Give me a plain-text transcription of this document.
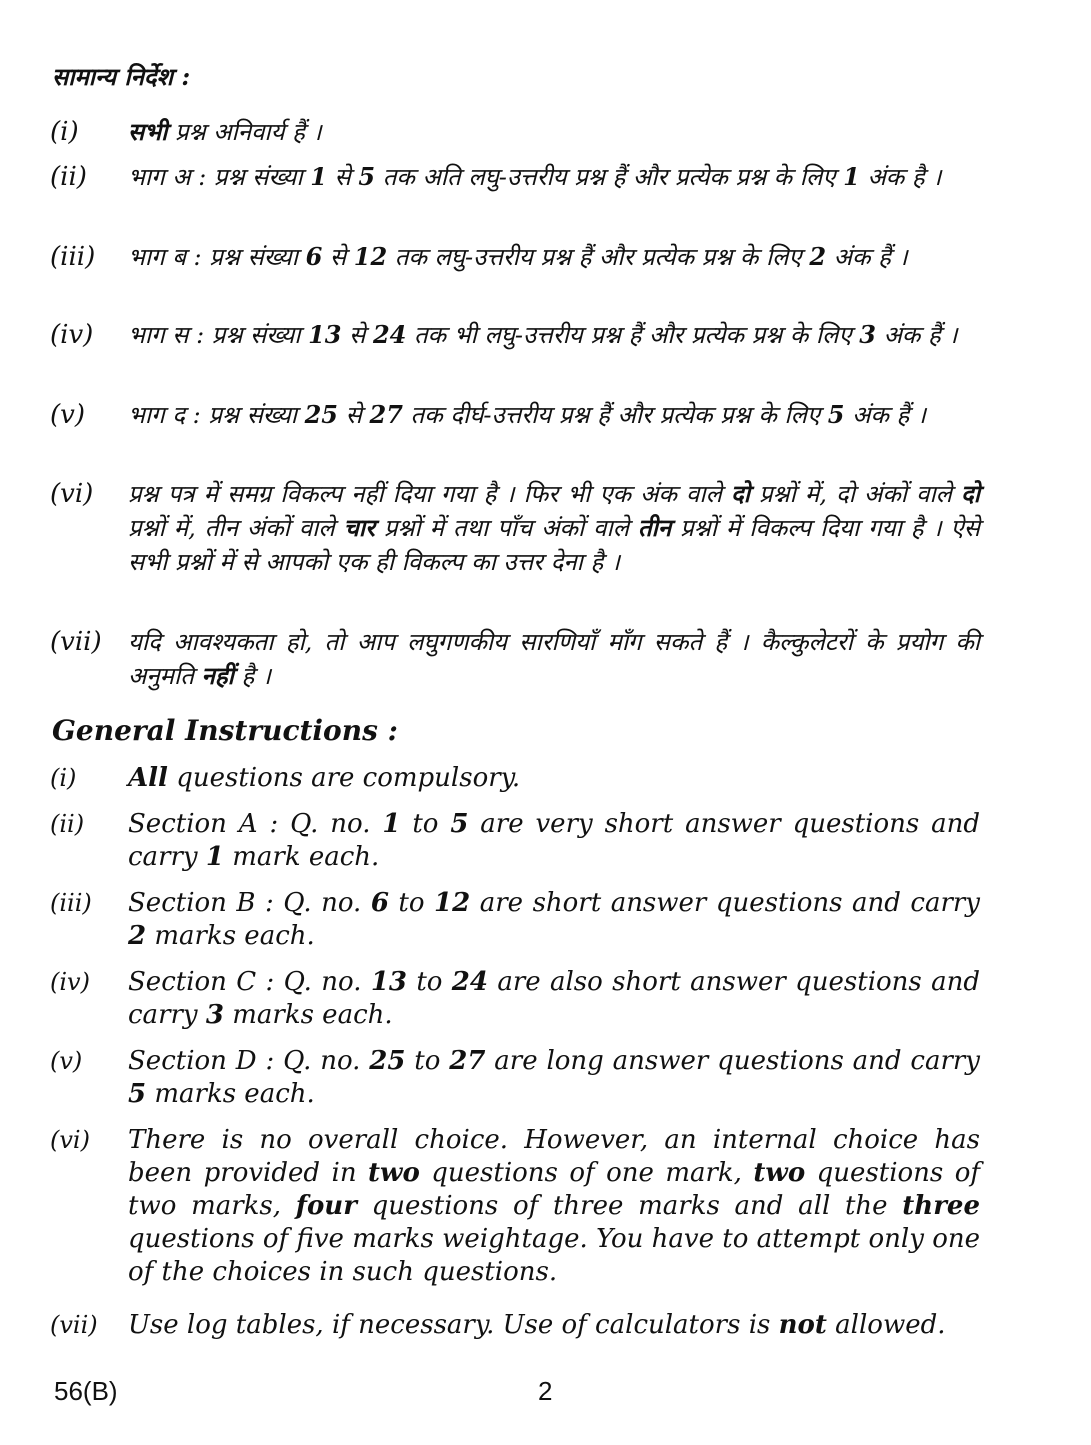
सामान्य निर्देश :
(i)	सभी प्रश्न अनिवार्य हैं ।
(ii)	भाग अ : प्रश्न संख्या 1 से 5 तक अति लघु-उत्तरीय प्रश्न हैं और प्रत्येक प्रश्न के लिए 1 अंक है ।
(iii)	भाग ब : प्रश्न संख्या 6 से 12 तक लघु-उत्तरीय प्रश्न हैं और प्रत्येक प्रश्न के लिए 2 अंक हैं ।
(iv)	भाग स : प्रश्न संख्या 13 से 24 तक भी लघु-उत्तरीय प्रश्न हैं और प्रत्येक प्रश्न के लिए 3 अंक हैं ।
(v)	भाग द : प्रश्न संख्या 25 से 27 तक दीर्घ-उत्तरीय प्रश्न हैं और प्रत्येक प्रश्न के लिए 5 अंक हैं ।
(vi)	प्रश्न पत्र में समग्र विकल्प नहीं दिया गया है । फिर भी एक अंक वाले दो प्रश्नों में, दो अंकों वाले दो प्रश्नों में, तीन अंकों वाले चार प्रश्नों में तथा पाँच अंकों वाले तीन प्रश्नों में विकल्प दिया गया है । ऐसे सभी प्रश्नों में से आपको एक ही विकल्प का उत्तर देना है ।
(vii)	यदि आवश्यकता हो, तो आप लघुगणकीय सारणियाँ माँग सकते हैं । कैल्कुलेटरों के प्रयोग की अनुमति नहीं है ।
General Instructions :
(i)	All questions are compulsory.
(ii)	Section A : Q. no. 1 to 5 are very short answer questions and carry 1 mark each.
(iii)	Section B : Q. no. 6 to 12 are short answer questions and carry 2 marks each.
(iv)	Section C : Q. no. 13 to 24 are also short answer questions and carry 3 marks each.
(v)	Section D : Q. no. 25 to 27 are long answer questions and carry 5 marks each.
(vi)	There is no overall choice. However, an internal choice has been provided in two questions of one mark, two questions of two marks, four questions of three marks and all the three questions of five marks weightage. You have to attempt only one of the choices in such questions.
(vii)	Use log tables, if necessary. Use of calculators is not allowed.
56(B)	2
